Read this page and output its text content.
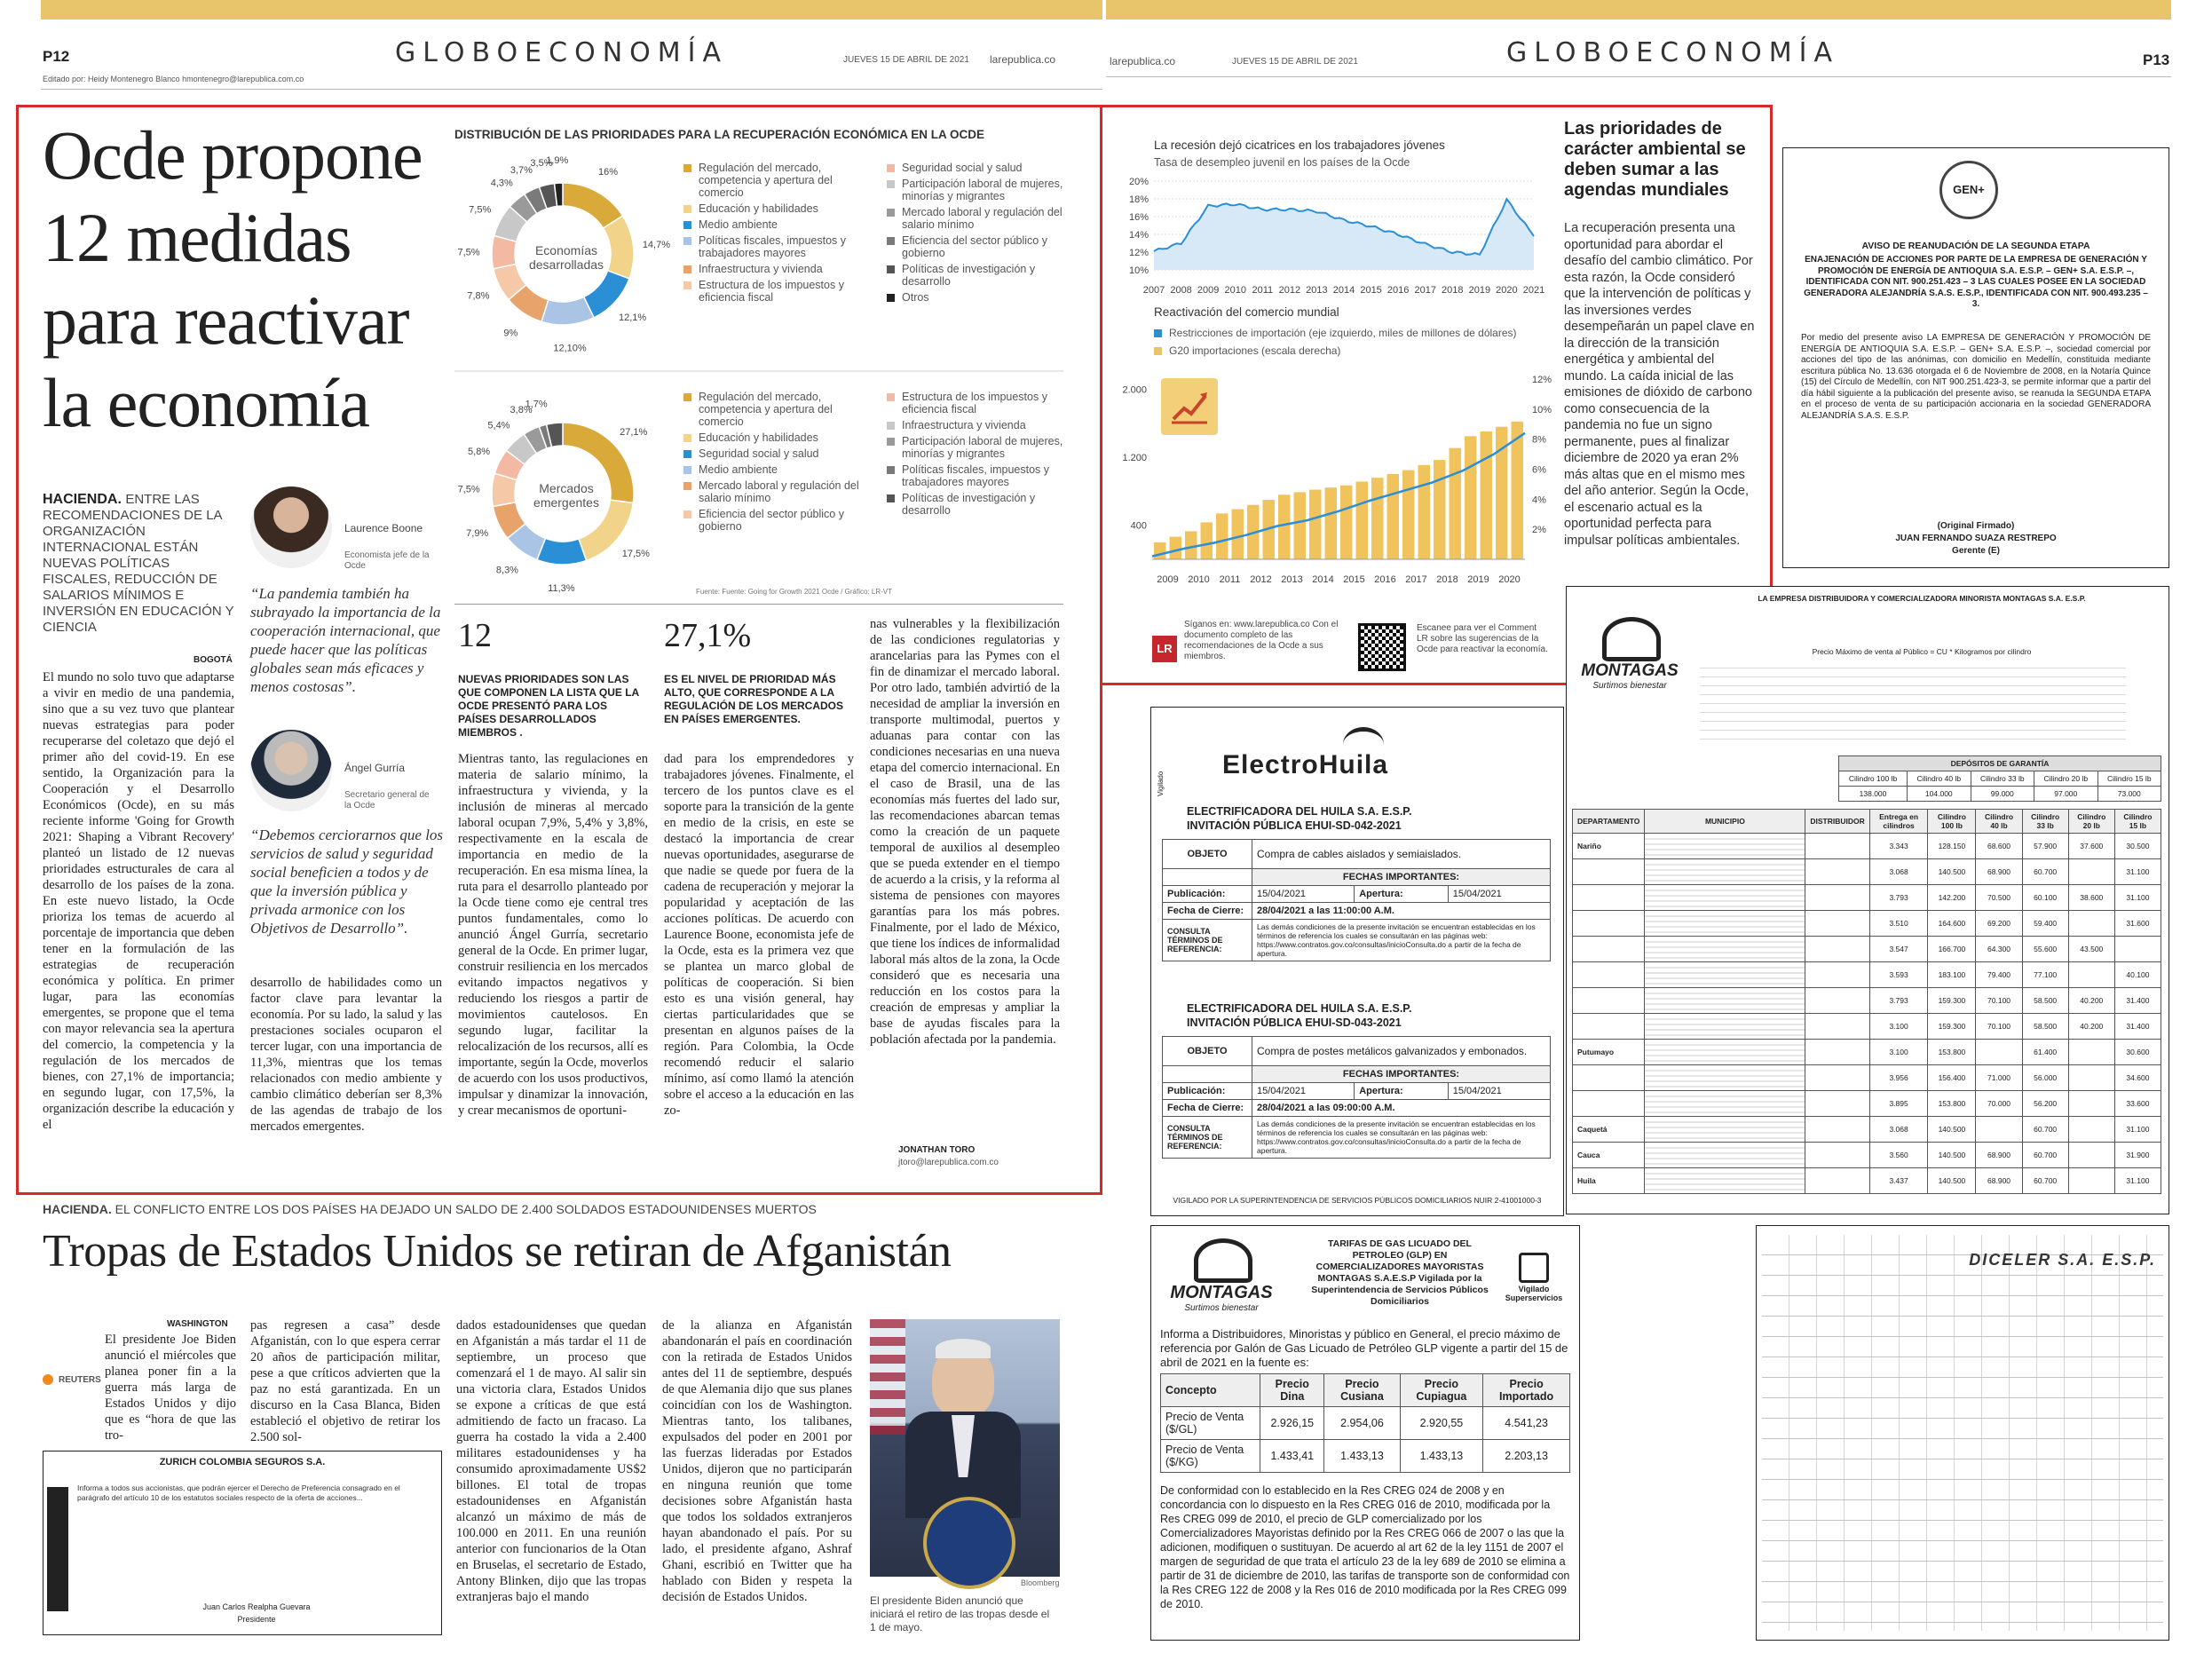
P12	GLOBOECONOMÍA	JUEVES 15 DE ABRIL DE 2021 larepublica.co
Editado por: Heidy Montenegro Blanco hmontenegro@larepublica.com.co
larepublica.co	JUEVES 15 DE ABRIL DE 2021	GLOBOECONOMÍA	P13
Ocde propone 12 medidas para reactivar la economía
HACIENDA. ENTRE LAS RECOMENDACIONES DE LA ORGANIZACIÓN INTERNACIONAL ESTÁN NUEVAS POLÍTICAS FISCALES, REDUCCIÓN DE SALARIOS MÍNIMOS E INVERSIÓN EN EDUCACIÓN Y CIENCIA
Laurence Boone
Economista jefe de la Ocde
“La pandemia también ha subrayado la importancia de la cooperación internacional, que puede hacer que las políticas globales sean más eficaces y menos costosas”.
Ángel Gurría
Secretario general de la Ocde
“Debemos cerciorarnos que los servicios de salud y seguridad social beneficien a todos y de que la inversión pública y privada armonice con los Objetivos de Desarrollo”.
BOGOTÁ
El mundo no solo tuvo que adaptarse a vivir en medio de una pandemia, sino que a su vez tuvo que plantear nuevas estrategias para poder recuperarse del coletazo que dejó el primer año del covid-19. En ese sentido, la Organización para la Cooperación y el Desarrollo Económicos (Ocde), en su más reciente informe 'Going for Growth 2021: Shaping a Vibrant Recovery' planteó un listado de 12 nuevas prioridades estructurales de cara al desarrollo de los países de la zona. En este nuevo listado, la Ocde prioriza los temas de acuerdo al porcentaje de importancia que deben tener en la formulación de las estrategias de recuperación económica y política. En primer lugar, para las economías emergentes, se propone que el tema con mayor relevancia sea la apertura del comercio, la competencia y la regulación de los mercados de bienes, con 27,1% de importancia; en segundo lugar, con 17,5%, la organización describe la educación y el
desarrollo de habilidades como un factor clave para levantar la economía. Por su lado, la salud y las prestaciones sociales ocuparon el tercer lugar, con una importancia de 11,3%, mientras que los temas relacionados con medio ambiente y cambio climático deberían ser 8,3% de las agendas de trabajo de los mercados emergentes.
12
NUEVAS PRIORIDADES SON LAS QUE COMPONEN LA LISTA QUE LA OCDE PRESENTÓ PARA LOS PAÍSES DESARROLLADOS MIEMBROS .
27,1%
ES EL NIVEL DE PRIORIDAD MÁS ALTO, QUE CORRESPONDE A LA REGULACIÓN DE LOS MERCADOS EN PAÍSES EMERGENTES.
Mientras tanto, las regulaciones en materia de salario mínimo, la infraestructura y vivienda, y la inclusión de mineras al mercado laboral ocupan 7,9%, 5,4% y 3,8%, respectivamente en la escala de importancia en medio de la recuperación. En esa misma línea, la ruta para el desarrollo planteado por la Ocde tiene como eje central tres puntos fundamentales, como lo anunció Ángel Gurría, secretario general de la Ocde. En primer lugar, construir resiliencia en los mercados evitando impactos negativos y reduciendo los riesgos a partir de movimientos cautelosos. En segundo lugar, facilitar la relocalización de los recursos, allí es importante, según la Ocde, moverlos de acuerdo con los usos productivos, impulsar y dinamizar la innovación, y crear mecanismos de oportuni-
dad para los emprendedores y trabajadores jóvenes. Finalmente, el tercero de los puntos clave es el soporte para la transición de la gente en medio de la crisis, en este se destacó la importancia de crear nuevas oportunidades, asegurarse de que nadie se quede por fuera de la cadena de recuperación y mejorar la popularidad y aceptación de las acciones políticas. De acuerdo con Laurence Boone, economista jefe de la Ocde, esta es la primera vez que se plantea un marco global de políticas de cooperación. Si bien esto es una visión general, hay ciertas particularidades que se presentan en algunos países de la región. Para Colombia, la Ocde recomendó reducir el salario mínimo, así como llamó la atención sobre el acceso a la educación en las zo-
nas vulnerables y la flexibilización de las condiciones regulatorias y arancelarias para las Pymes con el fin de dinamizar el mercado laboral. Por otro lado, también advirtió de la necesidad de ampliar la inversión en transporte multimodal, puertos y aduanas para contar con las condiciones necesarias en una nueva etapa del comercio internacional. En el caso de Brasil, una de las economías más fuertes del lado sur, las recomendaciones abarcan temas como la creación de un paquete temporal de auxilios al desempleo que se pueda extender en el tiempo de acuerdo a la crisis, y la reforma al sistema de pensiones con mayores garantías para los más pobres. Finalmente, por el lado de México, que tiene los índices de informalidad laboral más altos de la zona, la Ocde consideró que es necesaria una reducción en los costos para la creación de empresas y ampliar la base de ayudas fiscales para la población afectada por la pandemia.
JONATHAN TORO
jtoro@larepublica.com.co
DISTRIBUCIÓN DE LAS PRIORIDADES PARA LA RECUPERACIÓN ECONÓMICA EN LA OCDE
16%
14,7%
12,1%
12,10%
9%
7,8%
7,5%
7,5%
4,3%
3,7%
3,5%
1,9%
27,1%
17,5%
11,3%
8,3%
7,9%
7,5%
5,8%
5,4%
3,8%
1,7%
Economías desarrolladas
Mercados emergentes
Regulación del mercado, competencia y apertura del comercio
Educación y habilidades
Medio ambiente
Políticas fiscales, impuestos y trabajadores mayores
Infraestructura y vivienda
Estructura de los impuestos y eficiencia fiscal
Seguridad social y salud
Participación laboral de mujeres, minorías y migrantes
Mercado laboral y regulación del salario mínimo
Eficiencia del sector público y gobierno
Políticas de investigación y desarrollo
Otros
Regulación del mercado, competencia y apertura del comercio
Educación y habilidades
Seguridad social y salud
Medio ambiente
Mercado laboral y regulación del salario mínimo
Eficiencia del sector público y gobierno
Estructura de los impuestos y eficiencia fiscal
Infraestructura y vivienda
Participación laboral de mujeres, minorías y migrantes
Políticas fiscales, impuestos y trabajadores mayores
Políticas de investigación y desarrollo
Fuente: Fuente: Going for Growth 2021 Ocde / Gráfico: LR-VT
La recesión dejó cicatrices en los trabajadores jóvenes
Tasa de desempleo juvenil en los países de la Ocde
20%
18%
16%
14%
12%
10%
2007 2008 2009 2010 2011 2012 2013 2014 2015 2016 2017 2018 2019 2020 2021
Reactivación del comercio mundial
Restricciones de importación (eje izquierdo, miles de millones de dólares)
G20 importaciones (escala derecha)
2.000
1.200
400
12%
10%
8%
6%
4%
2%
2009 2010 2011 2012 2013 2014 2015 2016 2017 2018 2019 2020
LR
Síganos en: www.larepublica.co Con el documento completo de las recomendaciones de la Ocde a sus miembros.
Escanee para ver el Comment LR sobre las sugerencias de la Ocde para reactivar la economía.
Las prioridades de carácter ambiental se deben sumar a las agendas mundiales
La recuperación presenta una oportunidad para abordar el desafío del cambio climático. Por esta razón, la Ocde consideró que la intervención de políticas y las inversiones verdes desempeñarán un papel clave en la dirección de la transición energética y ambiental del mundo. La caída inicial de las emisiones de dióxido de carbono como consecuencia de la pandemia no fue un signo permanente, pues al finalizar diciembre de 2020 ya eran 2% más altas que en el mismo mes del año anterior. Según la Ocde, el escenario actual es la oportunidad perfecta para impulsar políticas ambientales.
HACIENDA. EL CONFLICTO ENTRE LOS DOS PAÍSES HA DEJADO UN SALDO DE 2.400 SOLDADOS ESTADOUNIDENSES MUERTOS
Tropas de Estados Unidos se retiran de Afganistán
WASHINGTON
REUTERS
El presidente Joe Biden anunció el miércoles que planea poner fin a la guerra más larga de Estados Unidos y dijo que es “hora de que las tro-
pas regresen a casa” desde Afganistán, con lo que espera cerrar 20 años de participación militar, pese a que críticos advierten que la paz no está garantizada. En un discurso en la Casa Blanca, Biden estableció el objetivo de retirar los 2.500 sol-
dados estadounidenses que quedan en Afganistán a más tardar el 11 de septiembre, un proceso que comenzará el 1 de mayo. Al salir sin una victoria clara, Estados Unidos se expone a críticas de que está admitiendo de facto un fracaso. La guerra ha costado la vida a 2.400 militares estadounidenses y ha consumido aproximadamente US$2 billones. El total de tropas estadounidenses en Afganistán alcanzó un máximo de más de 100.000 en 2011. En una reunión anterior con funcionarios de la Otan en Bruselas, el secretario de Estado, Antony Blinken, dijo que las tropas extranjeras bajo el mando
de la alianza en Afganistán abandonarán el país en coordinación con la retirada de Estados Unidos antes del 11 de septiembre, después de que Alemania dijo que sus planes coincidían con los de Washington. Mientras tanto, los talibanes, expulsados del poder en 2001 por las fuerzas lideradas por Estados Unidos, dijeron que no participarán en ninguna reunión que tome decisiones sobre Afganistán hasta que todos los soldados extranjeros hayan abandonado el país. Por su lado, el presidente afgano, Ashraf Ghani, escribió en Twitter que ha hablado con Biden y respeta la decisión de Estados Unidos.
Bloomberg
El presidente Biden anunció que iniciará el retiro de las tropas desde el 1 de mayo.
ZURICH COLOMBIA SEGUROS S.A.
Informa a todos sus accionistas, que podrán ejercer el Derecho de Preferencia consagrado en el parágrafo del artículo 10 de los estatutos sociales respecto de la oferta de acciones...
Juan Carlos Realpha Guevara
Presidente
GEN+
AVISO DE REANUDACIÓN DE LA SEGUNDA ETAPA
ENAJENACIÓN DE ACCIONES POR PARTE DE LA EMPRESA DE GENERACIÓN Y PROMOCIÓN DE ENERGÍA DE ANTIOQUIA S.A. E.S.P. – GEN+ S.A. E.S.P. –, IDENTIFICADA CON NIT. 900.251.423 – 3 LAS CUALES POSEE EN LA SOCIEDAD GENERADORA ALEJANDRÍA S.A.S. E.S.P., IDENTIFICADA CON NIT. 900.493.235 – 3.
Por medio del presente aviso LA EMPRESA DE GENERACIÓN Y PROMOCIÓN DE ENERGÍA DE ANTIOQUIA S.A. E.S.P. – GEN+ S.A. E.S.P. –, sociedad comercial por acciones del tipo de las anónimas, con domicilio en Medellín, constituida mediante escritura pública No. 13.636 otorgada el 6 de Noviembre de 2008, en la Notaría Quince (15) del Círculo de Medellín, con NIT 900.251.423-3, se permite informar que a partir del día hábil siguiente a la publicación del presente aviso, se reanuda la SEGUNDA ETAPA en el proceso de venta de su participación accionaria en la sociedad GENERADORA ALEJANDRÍA S.A.S. E.S.P.
(Original Firmado)
JUAN FERNANDO SUAZA RESTREPO
Gerente (E)
Vigilado
ElectroHuila
ELECTRIFICADORA DEL HUILA S.A. E.S.P.
INVITACIÓN PÚBLICA EHUI-SD-042-2021
OBJETO	Compra de cables aislados y semiaislados.		
	FECHAS IMPORTANTES:		
Publicación:	15/04/2021	Apertura:	15/04/2021
Fecha de Cierre:	28/04/2021 a las 11:00:00 A.M.		
CONSULTA TÉRMINOS DE REFERENCIA:	Las demás condiciones de la presente invitación se encuentran establecidas en los términos de referencia los cuales se consultarán en las páginas web: https://www.contratos.gov.co/consultas/inicioConsulta.do a partir de la fecha de apertura.		
ELECTRIFICADORA DEL HUILA S.A. E.S.P.
INVITACIÓN PÚBLICA EHUI-SD-043-2021
OBJETO	Compra de postes metálicos galvanizados y embonados.		
	FECHAS IMPORTANTES:		
Publicación:	15/04/2021	Apertura:	15/04/2021
Fecha de Cierre:	28/04/2021 a las 09:00:00 A.M.		
CONSULTA TÉRMINOS DE REFERENCIA:	Las demás condiciones de la presente invitación se encuentran establecidas en los términos de referencia los cuales se consultarán en las páginas web: https://www.contratos.gov.co/consultas/inicioConsulta.do a partir de la fecha de apertura.		
VIGILADO POR LA SUPERINTENDENCIA DE SERVICIOS PÚBLICOS DOMICILIARIOS NUIR 2-41001000-3
MONTAGAS
Surtimos bienestar
LA EMPRESA DISTRIBUIDORA Y COMERCIALIZADORA MINORISTA MONTAGAS S.A. E.S.P.
Precio Máximo de venta al Público = CU * Kilogramos por cilindro
DEPÓSITOS DE GARANTÍA				
Cilindro 100 lb	Cilindro 40 lb	Cilindro 33 lb	Cilindro 20 lb	Cilindro 15 lb
138.000	104.000	99.000	97.000	73.000
DEPARTAMENTO	MUNICIPIO	DISTRIBUIDOR	Entrega en cilindros	Cilindro 100 lb	Cilindro 40 lb	Cilindro 33 lb	Cilindro 20 lb	Cilindro 15 lb
Nariño			3.343	128.150	68.600	57.900	37.600	30.500
			3.068	140.500	68.900	60.700		31.100
			3.793	142.200	70.500	60.100	38.600	31.100
			3.510	164.600	69.200	59.400		31.600
			3.547	166.700	64.300	55.600	43.500	
			3.593	183.100	79.400	77.100		40.100
			3.793	159.300	70.100	58.500	40.200	31.400
			3.100	159.300	70.100	58.500	40.200	31.400
Putumayo			3.100	153.800		61.400		30.600
			3.956	156.400	71.000	56.000		34.600
			3.895	153.800	70.000	56.200		33.600
Caquetá			3.068	140.500		60.700		31.100
Cauca			3.560	140.500	68.900	60.700		31.900
Huila			3.437	140.500	68.900	60.700		31.100
MONTAGAS
Surtimos bienestar
TARIFAS DE GAS LICUADO DEL PETROLEO (GLP) EN COMERCIALIZADORES MAYORISTAS MONTAGAS S.A.E.S.P Vigilada por la Superintendencia de Servicios Públicos Domiciliarios
Vigilado Superservicios
Informa a Distribuidores, Minoristas y público en General, el precio máximo de referencia por Galón de Gas Licuado de Petróleo GLP vigente a partir del 15 de abril de 2021 en la fuente es:
Concepto	Precio Dina	Precio Cusiana	Precio Cupiagua	Precio Importado
Precio de Venta ($/GL)	2.926,15	2.954,06	2.920,55	4.541,23
Precio de Venta ($/KG)	1.433,41	1.433,13	1.433,13	2.203,13
De conformidad con lo establecido en la Res CREG 024 de 2008 y en concordancia con lo dispuesto en la Res CREG 016 de 2010, modificada por la Res CREG 099 de 2010, el precio de GLP comercializado por los Comercializadores Mayoristas definido por la Res CREG 066 de 2007 o las que la adicionen, modifiquen o sustituyan. De acuerdo al art 62 de la ley 1151 de 2007 el margen de seguridad de que trata el artículo 23 de la ley 689 de 2010 se elimina a partir de 31 de diciembre de 2010, las tarifas de transporte son de conformidad con la Res CREG 122 de 2008 y la Res 016 de 2010 modificada por la Res CREG 099 de 2010.
DICELER S.A. E.S.P.
